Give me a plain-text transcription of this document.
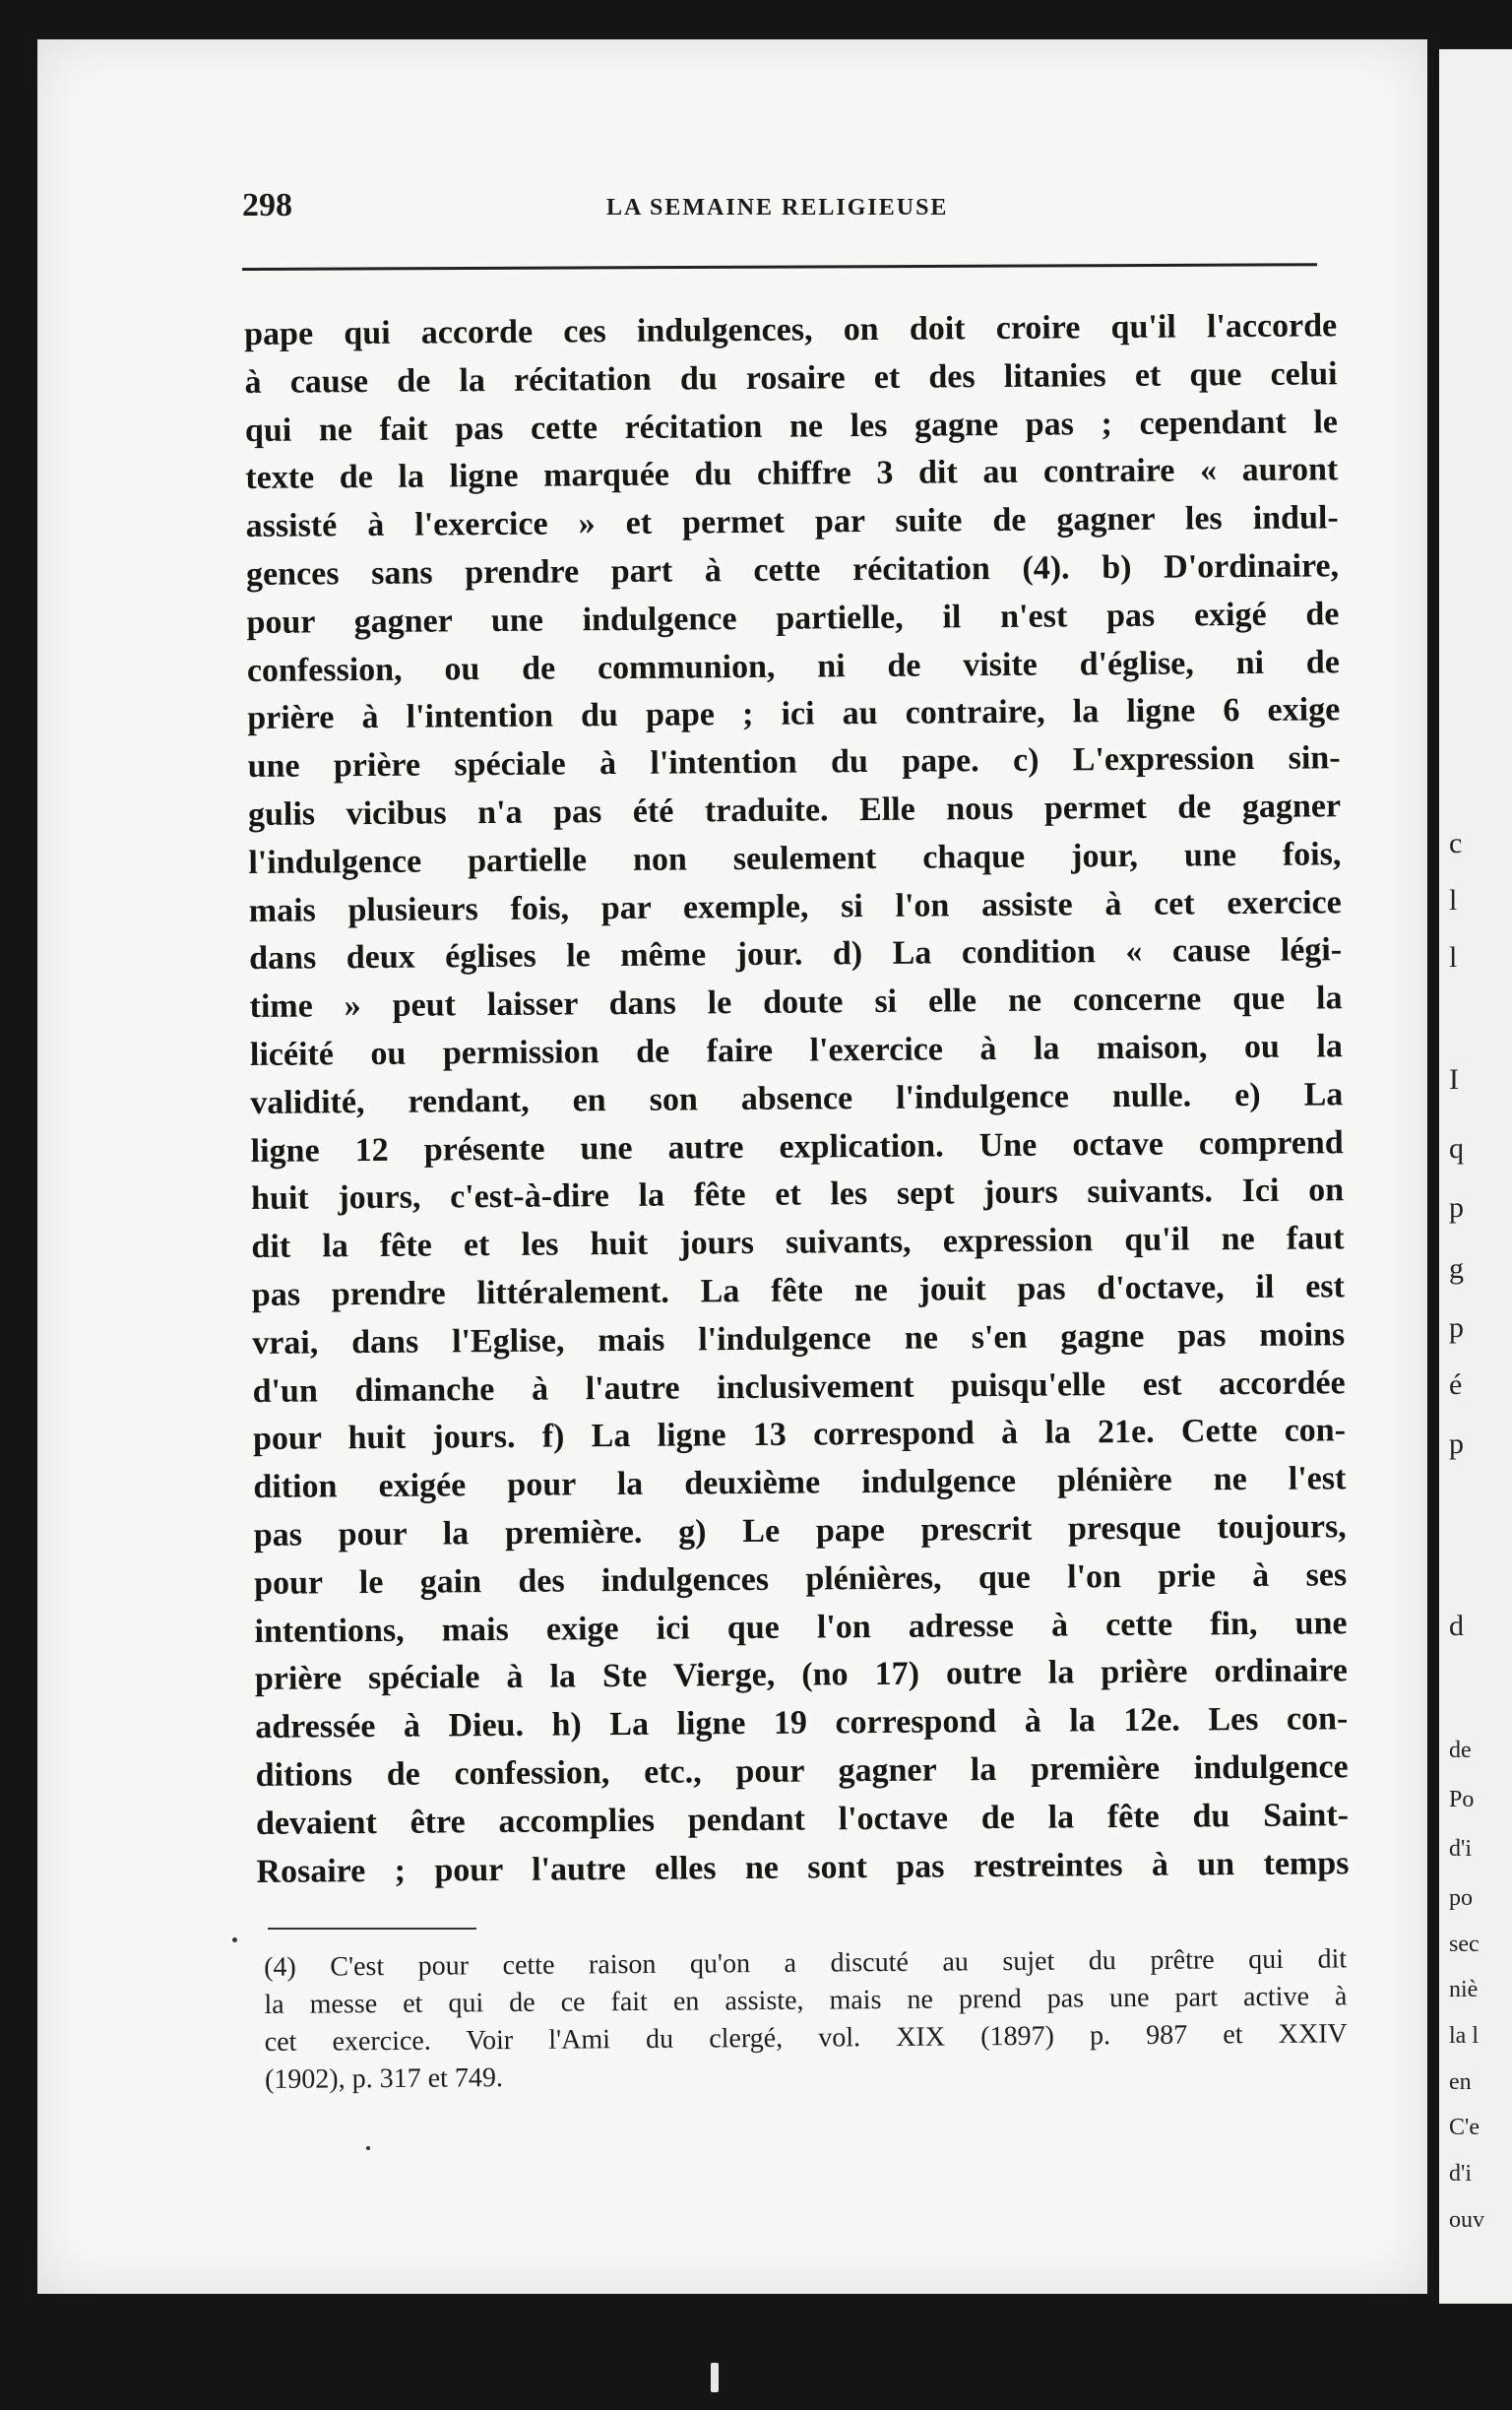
c
l
l
I
q
p
g
p
é
p
d
de
Po
d'i
po
sec
niè
la l
en
C'e
d'i
ouv
298	LA SEMAINE RELIGIEUSE
pape qui accorde ces indulgences, on doit croire qu'il l'accorde
à cause de la récitation du rosaire et des litanies et que celui
qui ne fait pas cette récitation ne les gagne pas ; cependant le
texte de la ligne marquée du chiffre 3 dit au contraire « auront
assisté à l'exercice » et permet par suite de gagner les indul-
gences sans prendre part à cette récitation (4). b) D'ordinaire,
pour gagner une indulgence partielle, il n'est pas exigé de
confession, ou de communion, ni de visite d'église, ni de
prière à l'intention du pape ; ici au contraire, la ligne 6 exige
une prière spéciale à l'intention du pape. c) L'expression sin-
gulis vicibus n'a pas été traduite. Elle nous permet de gagner
l'indulgence partielle non seulement chaque jour, une fois,
mais plusieurs fois, par exemple, si l'on assiste à cet exercice
dans deux églises le même jour. d) La condition « cause légi-
time » peut laisser dans le doute si elle ne concerne que la
licéité ou permission de faire l'exercice à la maison, ou la
validité, rendant, en son absence l'indulgence nulle. e) La
ligne 12 présente une autre explication. Une octave comprend
huit jours, c'est-à-dire la fête et les sept jours suivants. Ici on
dit la fête et les huit jours suivants, expression qu'il ne faut
pas prendre littéralement. La fête ne jouit pas d'octave, il est
vrai, dans l'Eglise, mais l'indulgence ne s'en gagne pas moins
d'un dimanche à l'autre inclusivement puisqu'elle est accordée
pour huit jours. f) La ligne 13 correspond à la 21e. Cette con-
dition exigée pour la deuxième indulgence plénière ne l'est
pas pour la première. g) Le pape prescrit presque toujours,
pour le gain des indulgences plénières, que l'on prie à ses
intentions, mais exige ici que l'on adresse à cette fin, une
prière spéciale à la Ste Vierge, (no 17) outre la prière ordinaire
adressée à Dieu. h) La ligne 19 correspond à la 12e. Les con-
ditions de confession, etc., pour gagner la première indulgence
devaient être accomplies pendant l'octave de la fête du Saint-
Rosaire ; pour l'autre elles ne sont pas restreintes à un temps
(4) C'est pour cette raison qu'on a discuté au sujet du prêtre qui dit
la messe et qui de ce fait en assiste, mais ne prend pas une part active à
cet exercice. Voir l'Ami du clergé, vol. XIX (1897) p. 987 et XXIV
(1902), p. 317 et 749.
